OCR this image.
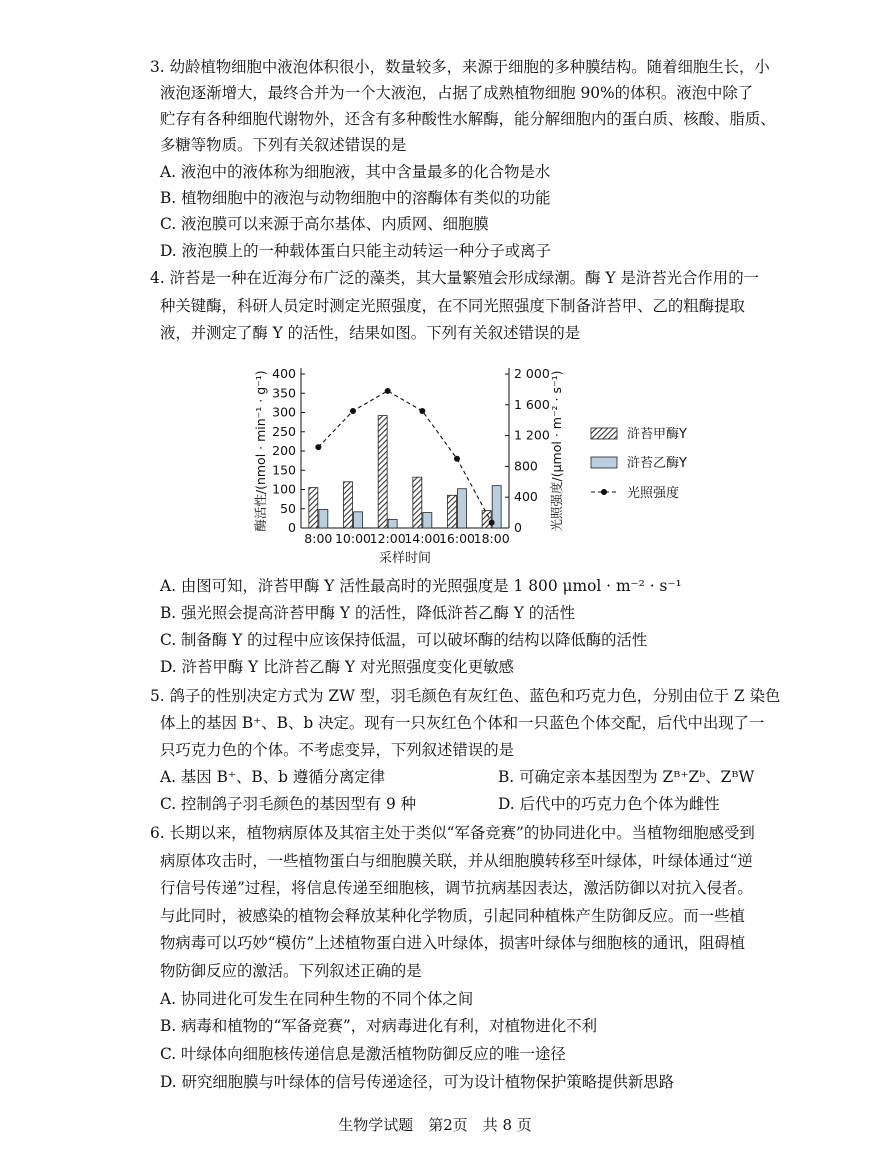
3. 幼龄植物细胞中液泡体积很小，数量较多，来源于细胞的多种膜结构。随着细胞生长，小
液泡逐渐增大，最终合并为一个大液泡，占据了成熟植物细胞 90%的体积。液泡中除了
贮存有各种细胞代谢物外，还含有多种酸性水解酶，能分解细胞内的蛋白质、核酸、脂质、
多糖等物质。下列有关叙述错误的是
A. 液泡中的液体称为细胞液，其中含量最多的化合物是水
B. 植物细胞中的液泡与动物细胞中的溶酶体有类似的功能
C. 液泡膜可以来源于高尔基体、内质网、细胞膜
D. 液泡膜上的一种载体蛋白只能主动转运一种分子或离子
4. 浒苔是一种在近海分布广泛的藻类，其大量繁殖会形成绿潮。酶 Y 是浒苔光合作用的一
种关键酶，科研人员定时测定光照强度，在不同光照强度下制备浒苔甲、乙的粗酶提取
液，并测定了酶 Y 的活性，结果如图。下列有关叙述错误的是
0
50
100
150
200
250
300
350
400
0
400
800
1 200
1 600
2 000
8:00 10:00
12:00
14:00
16:00
18:00
酶活性/(nmol · min⁻¹ · g⁻¹)	光照强度/(μmol · m⁻² · s⁻¹)
采样时间
浒苔甲酶Y
浒苔乙酶Y
光照强度
A. 由图可知，浒苔甲酶 Y 活性最高时的光照强度是 1 800 μmol · m⁻² · s⁻¹
B. 强光照会提高浒苔甲酶 Y 的活性，降低浒苔乙酶 Y 的活性
C. 制备酶 Y 的过程中应该保持低温，可以破坏酶的结构以降低酶的活性
D. 浒苔甲酶 Y 比浒苔乙酶 Y 对光照强度变化更敏感
5. 鸽子的性别决定方式为 ZW 型，羽毛颜色有灰红色、蓝色和巧克力色，分别由位于 Z 染色
体上的基因 B⁺、B、b 决定。现有一只灰红色个体和一只蓝色个体交配，后代中出现了一
只巧克力色的个体。不考虑变异，下列叙述错误的是
A. 基因 B⁺、B、b 遵循分离定律	B. 可确定亲本基因型为 Zᴮ⁺Zᵇ、ZᴮW
C. 控制鸽子羽毛颜色的基因型有 9 种	D. 后代中的巧克力色个体为雌性
6. 长期以来，植物病原体及其宿主处于类似“军备竞赛”的协同进化中。当植物细胞感受到
病原体攻击时，一些植物蛋白与细胞膜关联，并从细胞膜转移至叶绿体，叶绿体通过“逆
行信号传递”过程，将信息传递至细胞核，调节抗病基因表达，激活防御以对抗入侵者。
与此同时，被感染的植物会释放某种化学物质，引起同种植株产生防御反应。而一些植
物病毒可以巧妙“模仿”上述植物蛋白进入叶绿体，损害叶绿体与细胞核的通讯，阻碍植
物防御反应的激活。下列叙述正确的是
A. 协同进化可发生在同种生物的不同个体之间
B. 病毒和植物的“军备竞赛”，对病毒进化有利，对植物进化不利
C. 叶绿体向细胞核传递信息是激活植物防御反应的唯一途径
D. 研究细胞膜与叶绿体的信号传递途径，可为设计植物保护策略提供新思路
生物学试题　第2页　共 8 页
